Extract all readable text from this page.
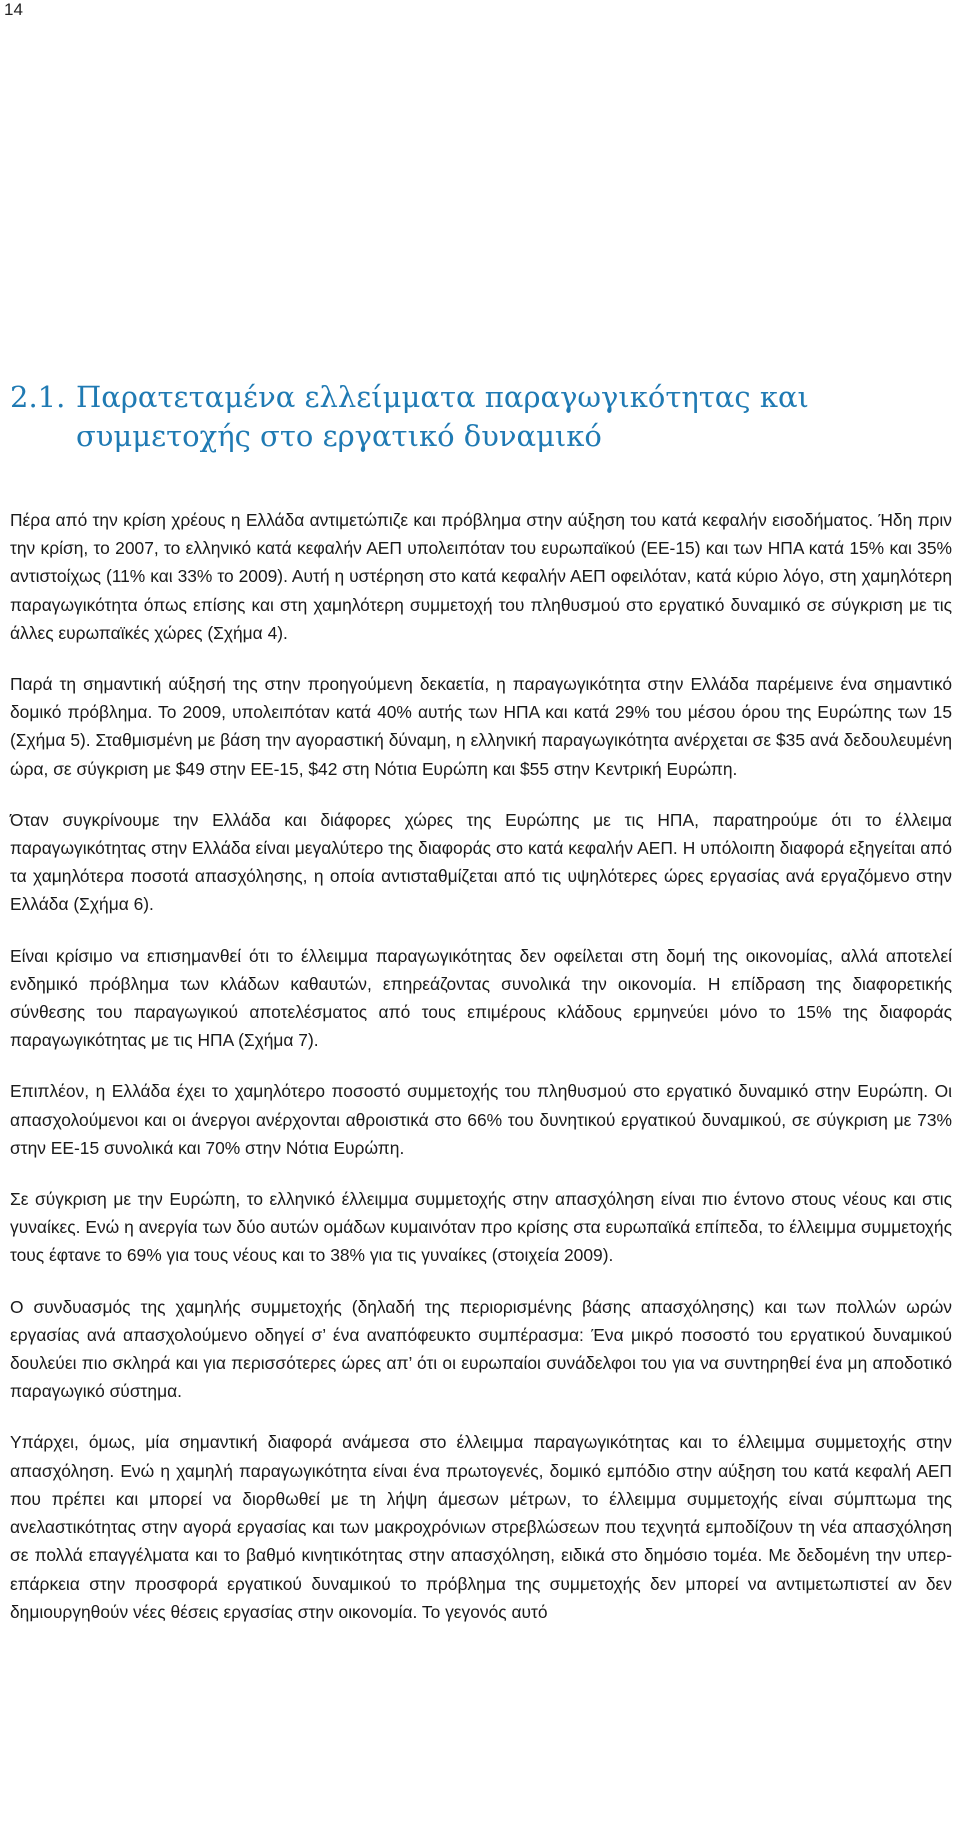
14
2.1. Παρατεταμένα ελλείμματα παραγωγικότητας και συμμετοχής στο εργατικό δυναμικό

Πέρα από την κρίση χρέους η Ελλάδα αντιμετώπιζε και πρόβλημα στην αύξηση του κατά κεφαλήν εισοδήματος. Ήδη πριν την κρίση, το 2007, το ελληνικό κατά κεφαλήν ΑΕΠ υπολειπόταν του ευρωπαϊκού (ΕΕ-15) και των ΗΠΑ κατά 15% και 35% αντιστοίχως (11% και 33% το 2009). Αυτή η υστέρηση στο κατά κεφαλήν ΑΕΠ οφειλόταν, κατά κύριο λόγο, στη χαμηλότερη παραγωγικότητα όπως επίσης και στη χαμηλότερη συμμετοχή του πληθυσμού στο εργατικό δυναμικό σε σύγκριση με τις άλλες ευρωπαϊκές χώρες (Σχήμα 4).

Παρά τη σημαντική αύξησή της στην προηγούμενη δεκαετία, η παραγωγικότητα στην Ελλάδα παρέμεινε ένα σημαντικό δομικό πρόβλημα. Το 2009, υπολειπόταν κατά 40% αυτής των ΗΠΑ και κατά 29% του μέσου όρου της Ευρώπης των 15 (Σχήμα 5). Σταθμισμένη με βάση την αγοραστική δύναμη, η ελληνική παραγωγικότητα ανέρχεται σε $35 ανά δεδουλευμένη ώρα, σε σύγκριση με $49 στην ΕΕ-15, $42 στη Νότια Ευρώπη και $55 στην Κεντρική Ευρώπη.

Όταν συγκρίνουμε την Ελλάδα και διάφορες χώρες της Ευρώπης με τις ΗΠΑ, παρατηρούμε ότι το έλλειμα παραγωγικότητας στην Ελλάδα είναι μεγαλύτερο της διαφοράς στο κατά κεφαλήν ΑΕΠ. Η υπόλοιπη διαφορά εξηγείται από τα χαμηλότερα ποσοτά απασχόλησης, η οποία αντισταθμίζεται από τις υψηλότερες ώρες εργασίας ανά εργαζόμενο στην Ελλάδα (Σχήμα 6).

Είναι κρίσιμο να επισημανθεί ότι το έλλειμμα παραγωγικότητας δεν οφείλεται στη δομή της οικονομίας, αλλά αποτελεί ενδημικό πρόβλημα των κλάδων καθαυτών, επηρεάζοντας συνολικά την οικονομία. Η επίδραση της διαφορετικής σύνθεσης του παραγωγικού αποτελέσματος από τους επιμέρους κλάδους ερμηνεύει μόνο το 15% της διαφοράς παραγωγικότητας με τις ΗΠΑ (Σχήμα 7).

Επιπλέον, η Ελλάδα έχει το χαμηλότερο ποσοστό συμμετοχής του πληθυσμού στο εργατικό δυναμικό στην Ευρώπη. Οι απασχολούμενοι και οι άνεργοι ανέρχονται αθροιστικά στο 66% του δυνητικού εργατικού δυναμικού, σε σύγκριση με 73% στην ΕΕ-15 συνολικά και 70% στην Νότια Ευρώπη.

Σε σύγκριση με την Ευρώπη, το ελληνικό έλλειμμα συμμετοχής στην απασχόληση είναι πιο έντονο στους νέους και στις γυναίκες. Ενώ η ανεργία των δύο αυτών ομάδων κυμαινόταν προ κρίσης στα ευρωπαϊκά επίπεδα, το έλλειμμα συμμετοχής τους έφτανε το 69% για τους νέους και το 38% για τις γυναίκες (στοιχεία 2009).

Ο συνδυασμός της χαμηλής συμμετοχής (δηλαδή της περιορισμένης βάσης απασχόλησης) και των πολλών ωρών εργασίας ανά απασχολούμενο οδηγεί σ’ ένα αναπόφευκτο συμπέρασμα: Ένα μικρό ποσοστό του εργατικού δυναμικού δουλεύει πιο σκληρά και για περισσότερες ώρες απ’ ότι οι ευρωπαίοι συνάδελφοι του για να συντηρηθεί ένα μη αποδοτικό παραγωγικό σύστημα.

Υπάρχει, όμως, μία σημαντική διαφορά ανάμεσα στο έλλειμμα παραγωγικότητας και το έλλειμμα συμμετοχής στην απασχόληση. Ενώ η χαμηλή παραγωγικότητα είναι ένα πρωτογενές, δομικό εμπόδιο στην αύξηση του κατά κεφαλή ΑΕΠ που πρέπει και μπορεί να διορθωθεί με τη λήψη άμεσων μέτρων, το έλλειμμα συμμετοχής είναι σύμπτωμα της ανελαστικότητας στην αγορά εργασίας και των μακροχρόνιων στρεβλώσεων που τεχνητά εμποδίζουν τη νέα απασχόληση σε πολλά επαγγέλματα και το βαθμό κινητικότητας στην απασχόληση, ειδικά στο δημόσιο τομέα. Με δεδομένη την υπερ-επάρκεια στην προσφορά εργατικού δυναμικού το πρόβλημα της συμμετοχής δεν μπορεί να αντιμετωπιστεί αν δεν δημιουργηθούν νέες θέσεις εργασίας στην οικονομία. Το γεγονός αυτό
